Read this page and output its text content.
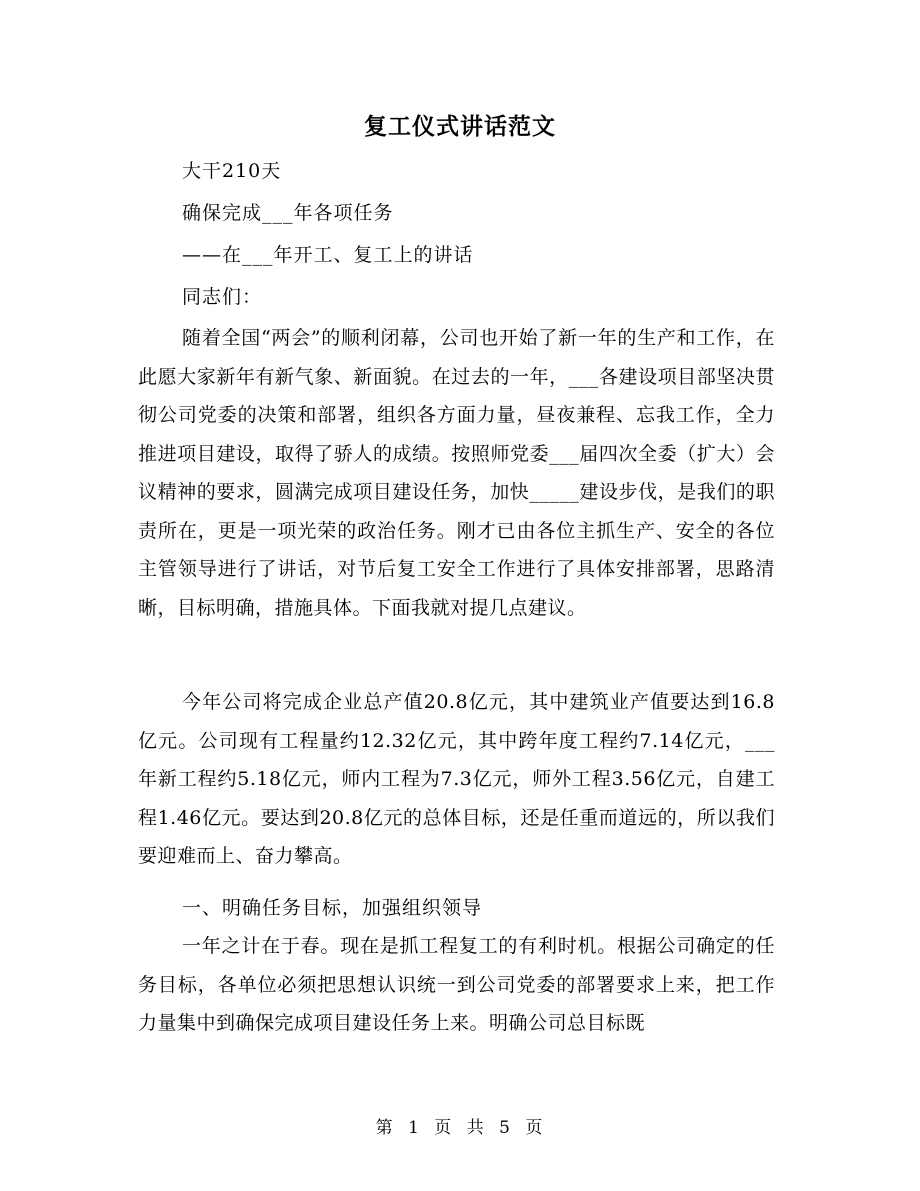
复工仪式讲话范文
大干210天
确保完成___年各项任务
——在___年开工、复工上的讲话
同志们：
随着全国“两会”的顺利闭幕，公司也开始了新一年的生产和工作，在此愿大家新年有新气象、新面貌。在过去的一年，___各建设项目部坚决贯彻公司党委的决策和部署，组织各方面力量，昼夜兼程、忘我工作，全力推进项目建设，取得了骄人的成绩。按照师党委___届四次全委（扩大）会议精神的要求，圆满完成项目建设任务，加快_____建设步伐，是我们的职责所在，更是一项光荣的政治任务。刚才已由各位主抓生产、安全的各位主管领导进行了讲话，对节后复工安全工作进行了具体安排部署，思路清晰，目标明确，措施具体。下面我就对提几点建议。
今年公司将完成企业总产值20.8亿元，其中建筑业产值要达到16.8亿元。公司现有工程量约12.32亿元，其中跨年度工程约7.14亿元，___年新工程约5.18亿元，师内工程为7.3亿元，师外工程3.56亿元，自建工程1.46亿元。要达到20.8亿元的总体目标，还是任重而道远的，所以我们要迎难而上、奋力攀高。
一、明确任务目标，加强组织领导
一年之计在于春。现在是抓工程复工的有利时机。根据公司确定的任务目标，各单位必须把思想认识统一到公司党委的部署要求上来，把工作力量集中到确保完成项目建设任务上来。明确公司总目标既
第 1 页 共 5 页
